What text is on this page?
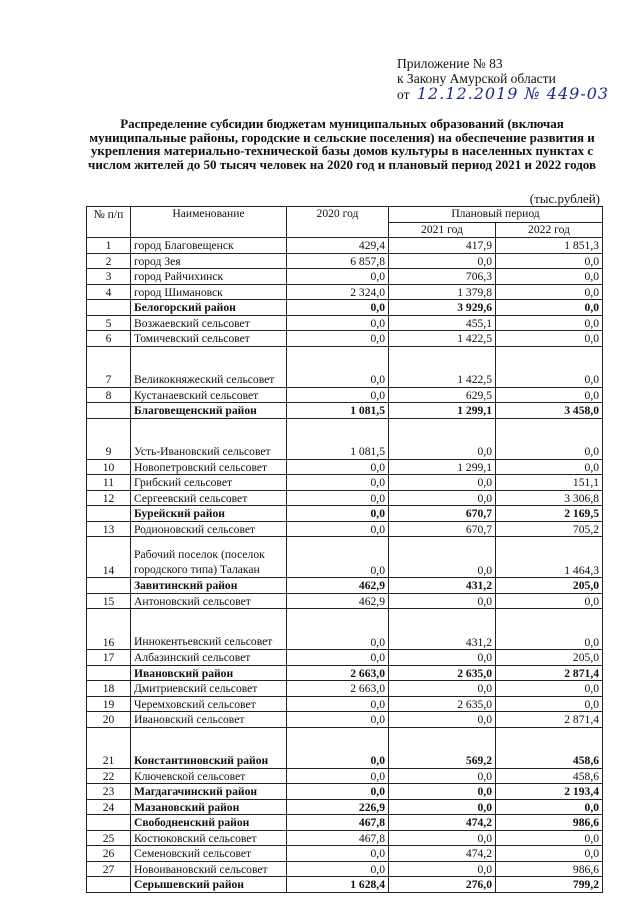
Приложение № 83
к Закону Амурской области
от 12.12.2019 № 449-03
Распределение субсидии бюджетам муниципальных образований (включая муниципальные районы, городские и сельские поселения) на обеспечение развития и укрепления материально-технической базы домов культуры в населенных пунктах с числом жителей до 50 тысяч человек на 2020 год и плановый период 2021 и 2022 годов
(тыс.рублей)
№ п/п	Наименование	2020 год	Плановый период	
			2021 год	2022 год
1	город Благовещенск	429,4	417,9	1 851,3
2	город Зея	6 857,8	0,0	0,0
3	город Райчихинск	0,0	706,3	0,0
4	город Шимановск	2 324,0	1 379,8	0,0
	Белогорский район	0,0	3 929,6	0,0
5	Возжаевский сельсовет	0,0	455,1	0,0
6	Томичевский сельсовет	0,0	1 422,5	0,0
7	Великокняжеский сельсовет	0,0	1 422,5	0,0
8	Кустанаевский сельсовет	0,0	629,5	0,0
	Благовещенский район	1 081,5	1 299,1	3 458,0
9	Усть-Ивановский сельсовет	1 081,5	0,0	0,0
10	Новопетровский сельсовет	0,0	1 299,1	0,0
11	Грибский сельсовет	0,0	0,0	151,1
12	Сергеевский сельсовет	0,0	0,0	3 306,8
	Бурейский район	0,0	670,7	2 169,5
13	Родионовский сельсовет	0,0	670,7	705,2
14	Рабочий поселок (поселок городского типа) Талакан	0,0	0,0	1 464,3
	Завитинский район	462,9	431,2	205,0
15	Антоновский сельсовет	462,9	0,0	0,0
16	Иннокентьевский сельсовет	0,0	431,2	0,0
17	Албазинский сельсовет	0,0	0,0	205,0
	Ивановский район	2 663,0	2 635,0	2 871,4
18	Дмитриевский сельсовет	2 663,0	0,0	0,0
19	Черемховский сельсовет	0,0	2 635,0	0,0
20	Ивановский сельсовет	0,0	0,0	2 871,4
21	Константиновский район	0,0	569,2	458,6
22	Ключевской сельсовет	0,0	0,0	458,6
23	Магдагачинский район	0,0	0,0	2 193,4
24	Мазановский район	226,9	0,0	0,0
	Свободненский район	467,8	474,2	986,6
25	Костюковский сельсовет	467,8	0,0	0,0
26	Семеновский сельсовет	0,0	474,2	0,0
27	Новоивановский сельсовет	0,0	0,0	986,6
	Серышевский район	1 628,4	276,0	799,2
